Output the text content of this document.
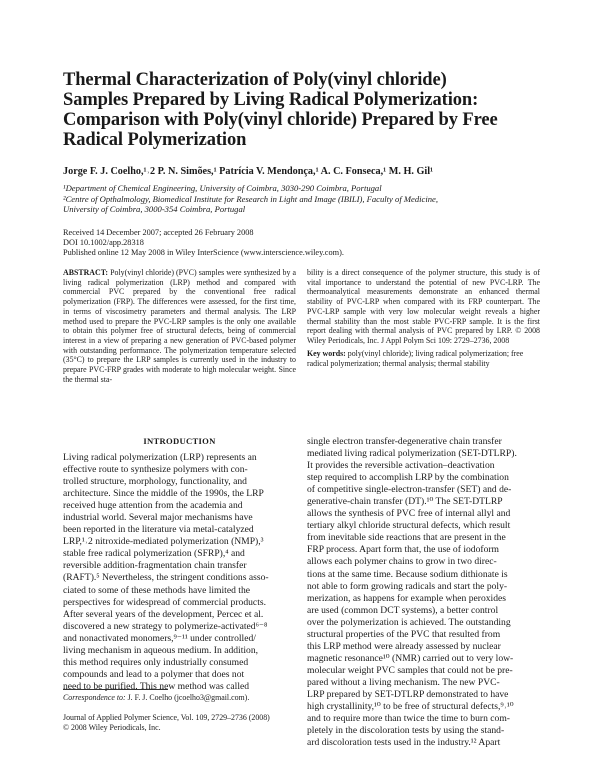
Thermal Characterization of Poly(vinyl chloride)
Samples Prepared by Living Radical Polymerization:
Comparison with Poly(vinyl chloride) Prepared by Free
Radical Polymerization
Jorge F. J. Coelho,¹˒2 P. N. Simões,¹ Patrícia V. Mendonça,¹ A. C. Fonseca,¹ M. H. Gil¹
¹Department of Chemical Engineering, University of Coimbra, 3030-290 Coimbra, Portugal
²Centre of Opthalmology, Biomedical Institute for Research in Light and Image (IBILI), Faculty of Medicine,
University of Coimbra, 3000-354 Coimbra, Portugal
Received 14 December 2007; accepted 26 February 2008
DOI 10.1002/app.28318
Published online 12 May 2008 in Wiley InterScience (www.interscience.wiley.com).
ABSTRACT: Poly(vinyl chloride) (PVC) samples were synthesized by a living radical polymerization (LRP) method and compared with commercial PVC prepared by the conventional free radical polymerization (FRP). The differences were assessed, for the first time, in terms of viscosimetry parameters and thermal analysis. The LRP method used to prepare the PVC-LRP samples is the only one available to obtain this polymer free of structural defects, being of commercial interest in a view of preparing a new generation of PVC-based polymer with outstanding performance. The polymerization temperature selected (35°C) to prepare the LRP samples is currently used in the industry to prepare PVC-FRP grades with moderate to high molecular weight. Since the thermal sta-
bility is a direct consequence of the polymer structure, this study is of vital importance to understand the potential of new PVC-LRP. The thermoanalytical measurements demonstrate an enhanced thermal stability of PVC-LRP when compared with its FRP counterpart. The PVC-LRP sample with very low molecular weight reveals a higher thermal stability than the most stable PVC-FRP sample. It is the first report dealing with thermal analysis of PVC prepared by LRP. © 2008 Wiley Periodicals, Inc. J Appl Polym Sci 109: 2729–2736, 2008
Key words: poly(vinyl chloride); living radical polymerization; free radical polymerization; thermal analysis; thermal stability
INTRODUCTION
Living radical polymerization (LRP) represents an
effective route to synthesize polymers with con-
trolled structure, morphology, functionality, and
architecture. Since the middle of the 1990s, the LRP
received huge attention from the academia and
industrial world. Several major mechanisms have
been reported in the literature via metal-catalyzed
LRP,¹˒2 nitroxide-mediated polymerization (NMP),³
stable free radical polymerization (SFRP),⁴ and
reversible addition-fragmentation chain transfer
(RAFT).⁵ Nevertheless, the stringent conditions asso-
ciated to some of these methods have limited the
perspectives for widespread of commercial products.
After several years of the development, Percec et al.
discovered a new strategy to polymerize-activated⁶⁻⁸
and nonactivated monomers,⁹⁻¹¹ under controlled/
living mechanism in aqueous medium. In addition,
this method requires only industrially consumed
compounds and lead to a polymer that does not
need to be purified. This new method was called
single electron transfer-degenerative chain transfer
mediated living radical polymerization (SET-DTLRP).
It provides the reversible activation–deactivation
step required to accomplish LRP by the combination
of competitive single-electron-transfer (SET) and de-
generative-chain transfer (DT).¹⁰ The SET-DTLRP
allows the synthesis of PVC free of internal allyl and
tertiary alkyl chloride structural defects, which result
from inevitable side reactions that are present in the
FRP process. Apart form that, the use of iodoform
allows each polymer chains to grow in two direc-
tions at the same time. Because sodium dithionate is
not able to form growing radicals and start the poly-
merization, as happens for example when peroxides
are used (common DCT systems), a better control
over the polymerization is achieved. The outstanding
structural properties of the PVC that resulted from
this LRP method were already assessed by nuclear
magnetic resonance¹⁰ (NMR) carried out to very low-
molecular weight PVC samples that could not be pre-
pared without a living mechanism. The new PVC-
LRP prepared by SET-DTLRP demonstrated to have
high crystallinity,¹⁰ to be free of structural defects,⁹˒¹⁰
and to require more than twice the time to burn com-
pletely in the discoloration tests by using the stand-
ard discoloration tests used in the industry.¹² Apart
Correspondence to: J. F. J. Coelho (jcoelho3@gmail.com).
Journal of Applied Polymer Science, Vol. 109, 2729–2736 (2008)
© 2008 Wiley Periodicals, Inc.
